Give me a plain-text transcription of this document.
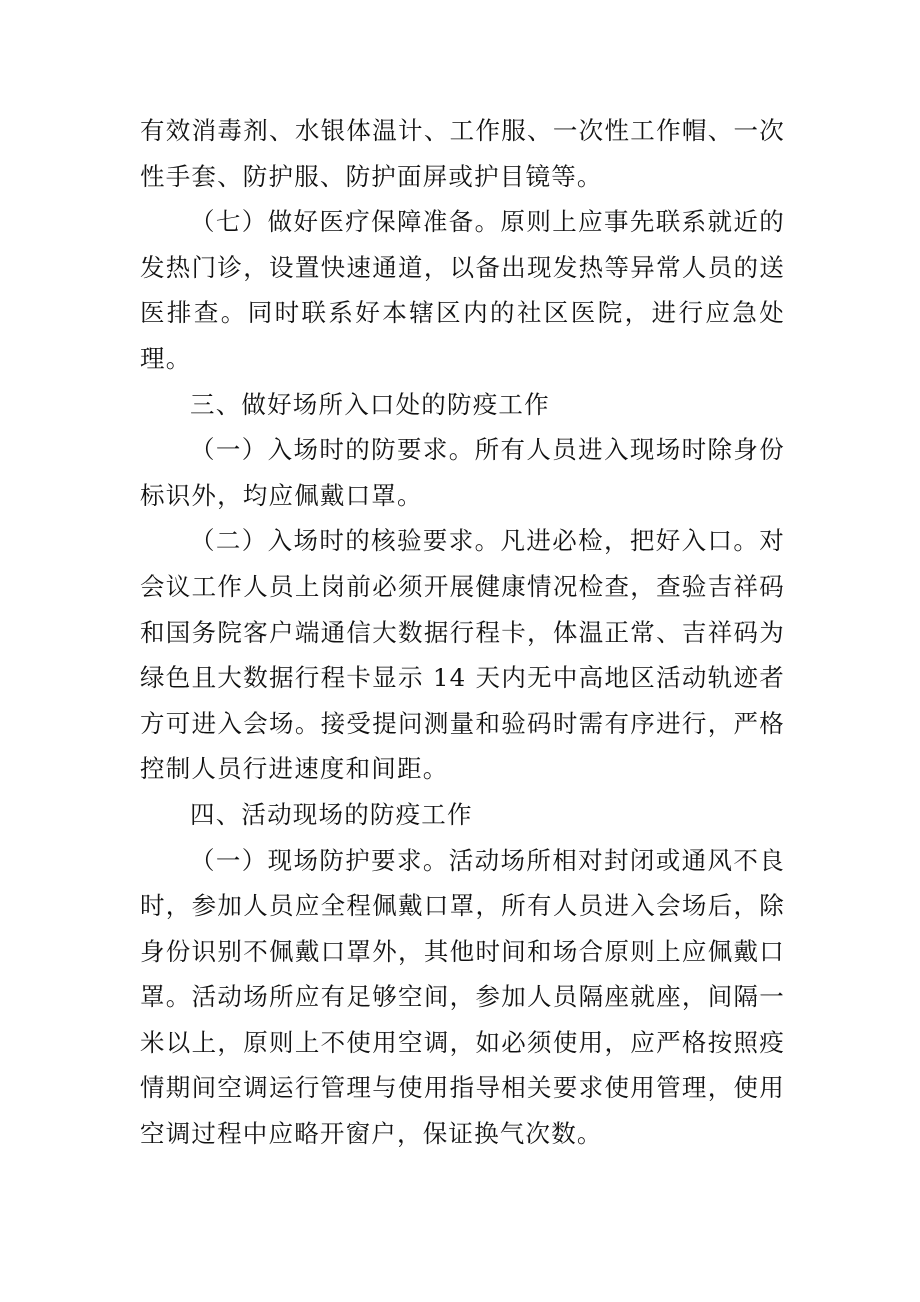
有效消毒剂、水银体温计、工作服、一次性工作帽、一次性手套、防护服、防护面屏或护目镜等。

（七）做好医疗保障准备。原则上应事先联系就近的发热门诊，设置快速通道，以备出现发热等异常人员的送医排查。同时联系好本辖区内的社区医院，进行应急处理。

三、做好场所入口处的防疫工作

（一）入场时的防要求。所有人员进入现场时除身份标识外，均应佩戴口罩。

（二）入场时的核验要求。凡进必检，把好入口。对会议工作人员上岗前必须开展健康情况检查，查验吉祥码和国务院客户端通信大数据行程卡，体温正常、吉祥码为绿色且大数据行程卡显示 14 天内无中高地区活动轨迹者方可进入会场。接受提问测量和验码时需有序进行，严格控制人员行进速度和间距。

四、活动现场的防疫工作

（一）现场防护要求。活动场所相对封闭或通风不良时，参加人员应全程佩戴口罩，所有人员进入会场后，除身份识别不佩戴口罩外，其他时间和场合原则上应佩戴口罩。活动场所应有足够空间，参加人员隔座就座，间隔一米以上，原则上不使用空调，如必须使用，应严格按照疫情期间空调运行管理与使用指导相关要求使用管理，使用空调过程中应略开窗户，保证换气次数。
